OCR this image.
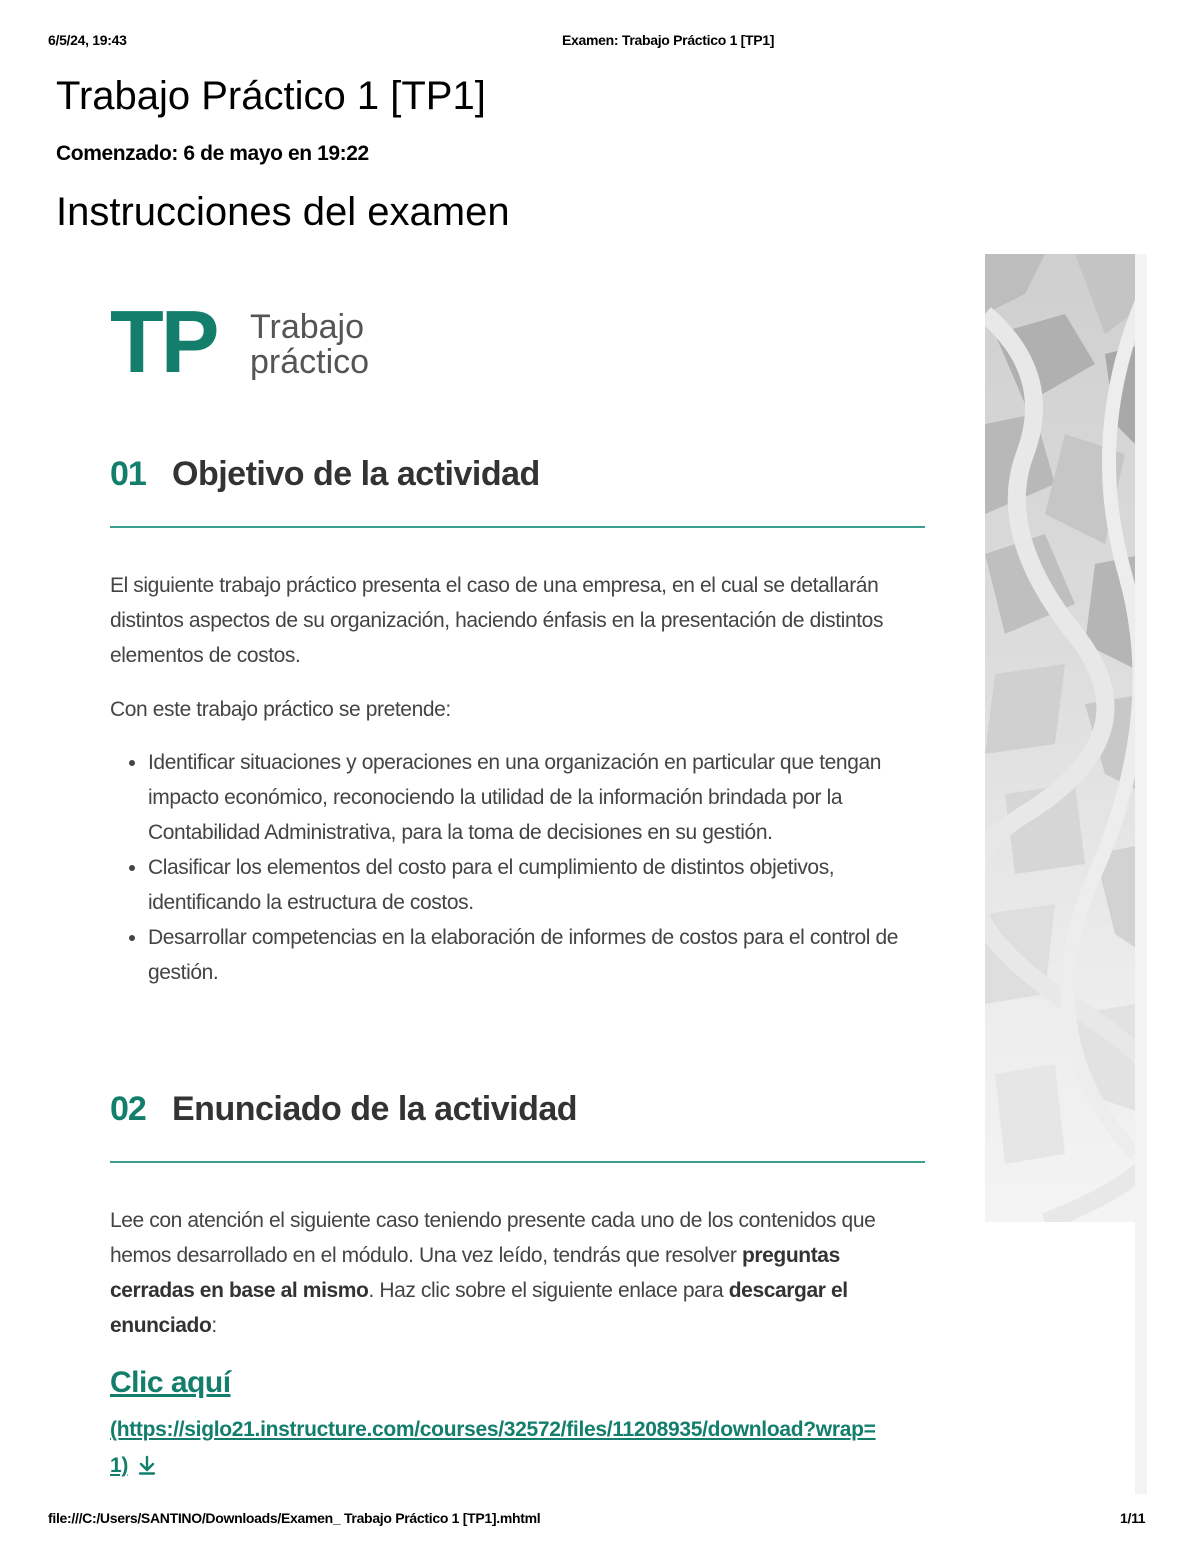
6/5/24, 19:43	Examen: Trabajo Práctico 1 [TP1]
Trabajo Práctico 1 [TP1]
Comenzado: 6 de mayo en 19:22
Instrucciones del examen
TP Trabajo
práctico
01 Objetivo de la actividad

El siguiente trabajo práctico presenta el caso de una empresa, en el cual se detallarán distintos aspectos de su organización, haciendo énfasis en la presentación de distintos elementos de costos.

Con este trabajo práctico se pretende:

• Identificar situaciones y operaciones en una organización en particular que tengan impacto económico, reconociendo la utilidad de la información brindada por la Contabilidad Administrativa, para la toma de decisiones en su gestión.
• Clasificar los elementos del costo para el cumplimiento de distintos objetivos, identificando la estructura de costos.
• Desarrollar competencias en la elaboración de informes de costos para el control de gestión.
02 Enunciado de la actividad

Lee con atención el siguiente caso teniendo presente cada uno de los contenidos que hemos desarrollado en el módulo. Una vez leído, tendrás que resolver preguntas cerradas en base al mismo. Haz clic sobre el siguiente enlace para descargar el enunciado:

Clic aquí
(https://siglo21.instructure.com/courses/32572/files/11208935/download?wrap=1)
file:///C:/Users/SANTINO/Downloads/Examen_ Trabajo Práctico 1 [TP1].mhtml	1/11
